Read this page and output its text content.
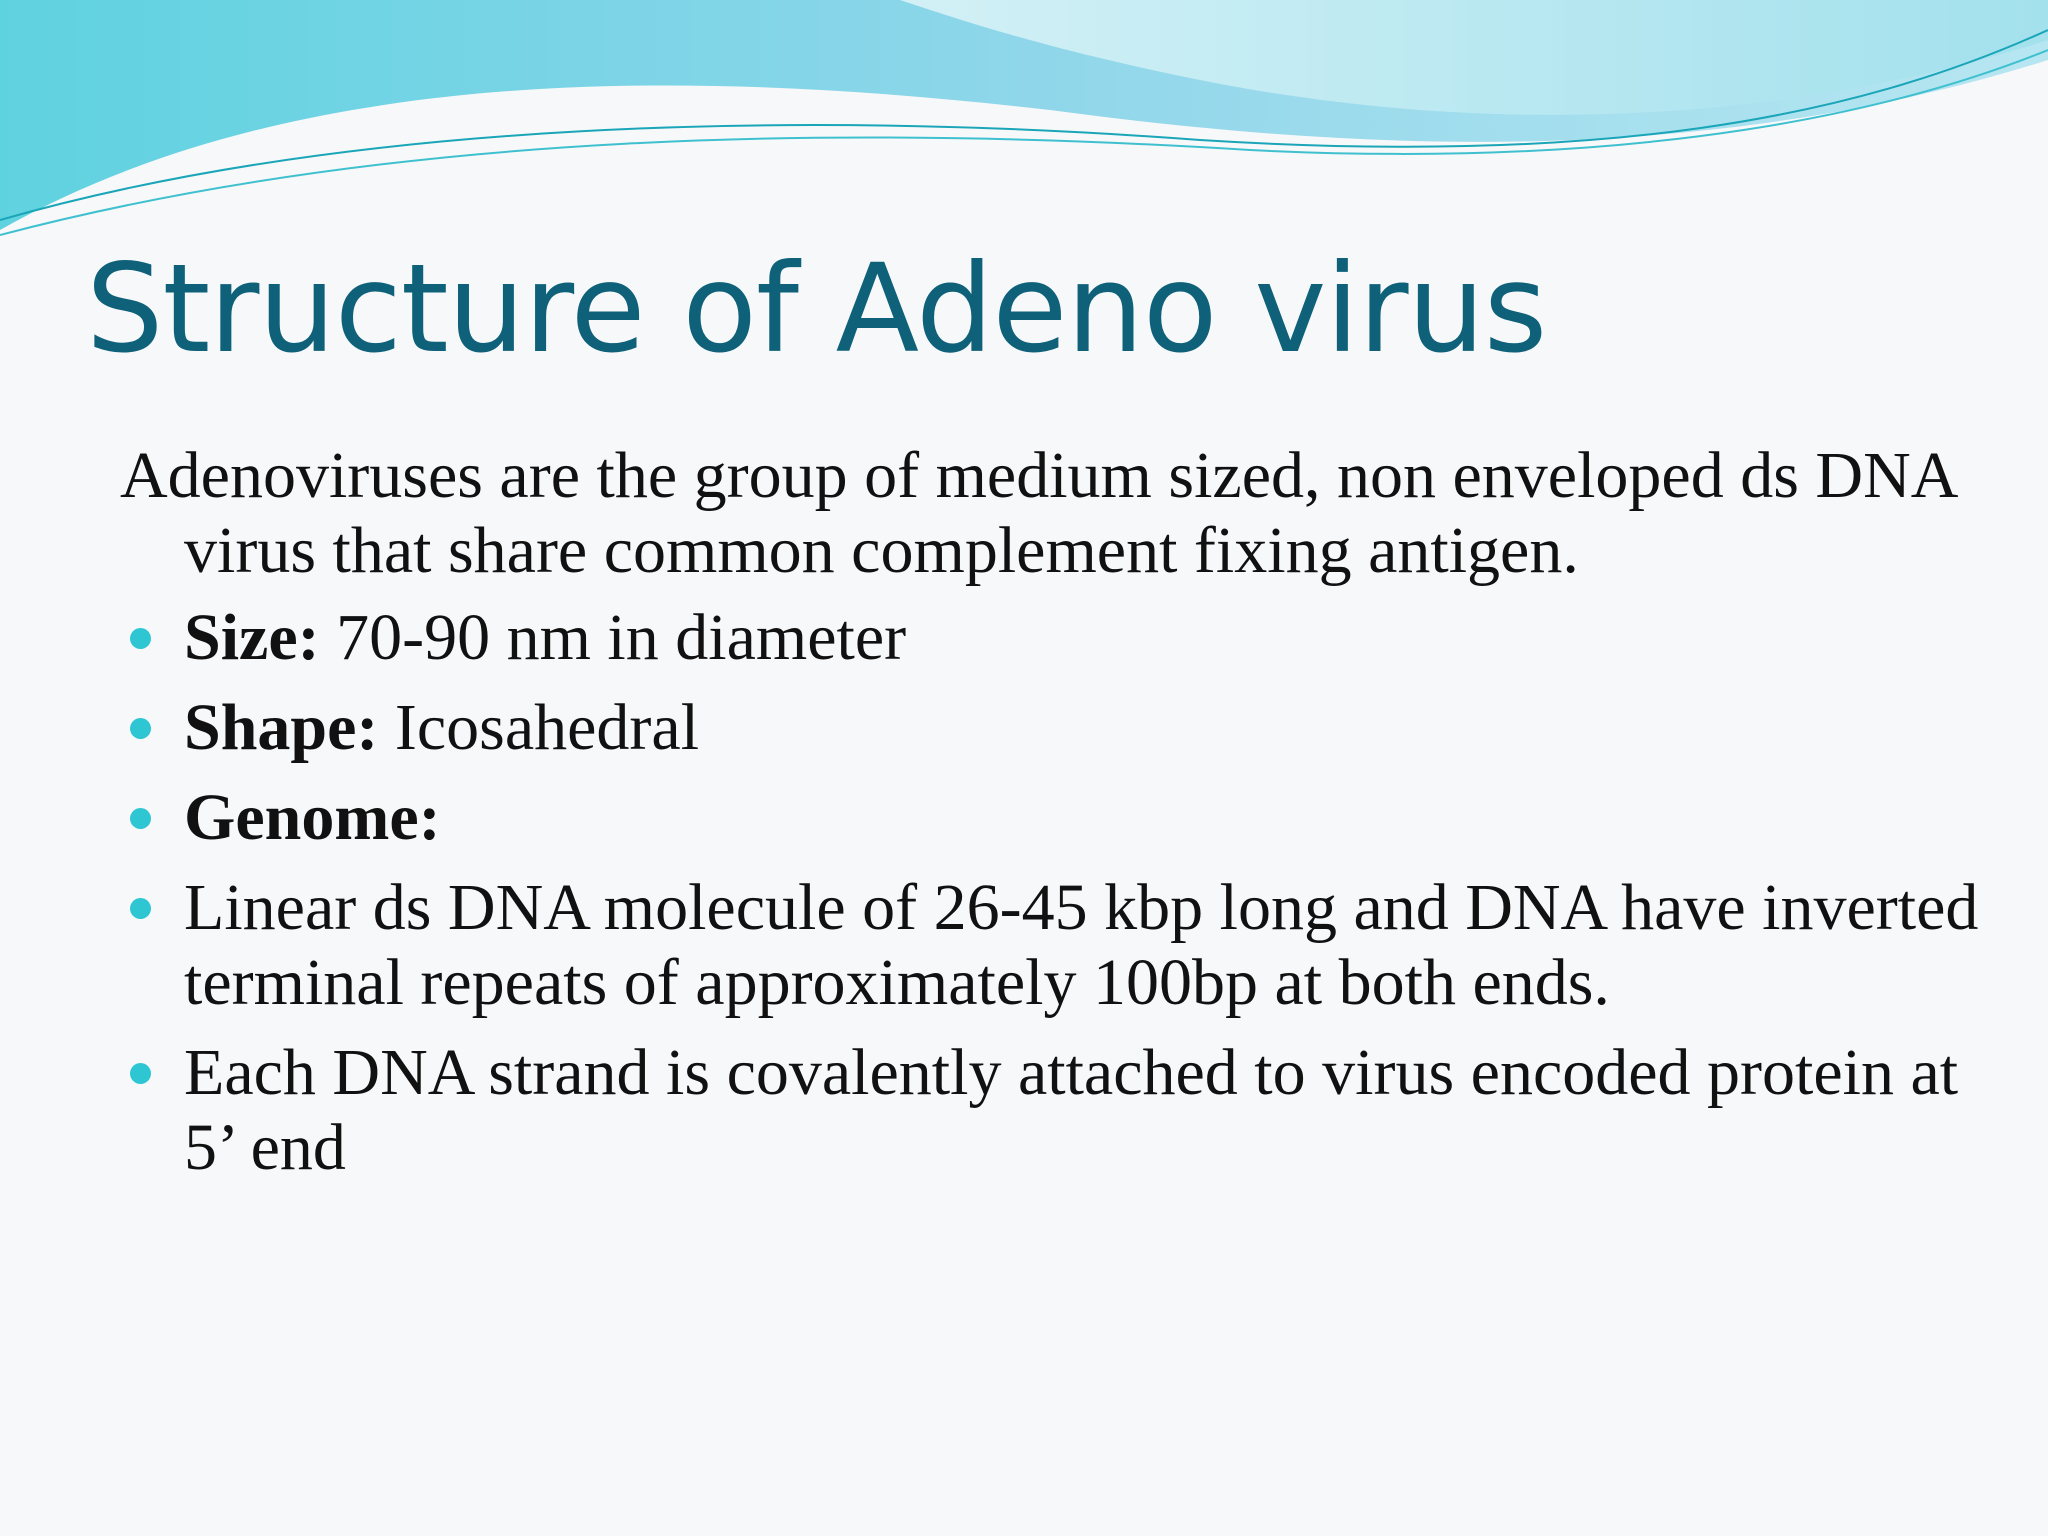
Structure of Adeno virus

Adenoviruses are the group of medium sized, non enveloped ds DNA virus that share common complement fixing antigen.

Size: 70-90 nm in diameter
Shape: Icosahedral
Genome:
Linear ds DNA molecule of 26-45 kbp long and DNA have inverted terminal repeats of approximately 100bp at both ends.
Each DNA strand is covalently attached to virus encoded protein at 5’ end
